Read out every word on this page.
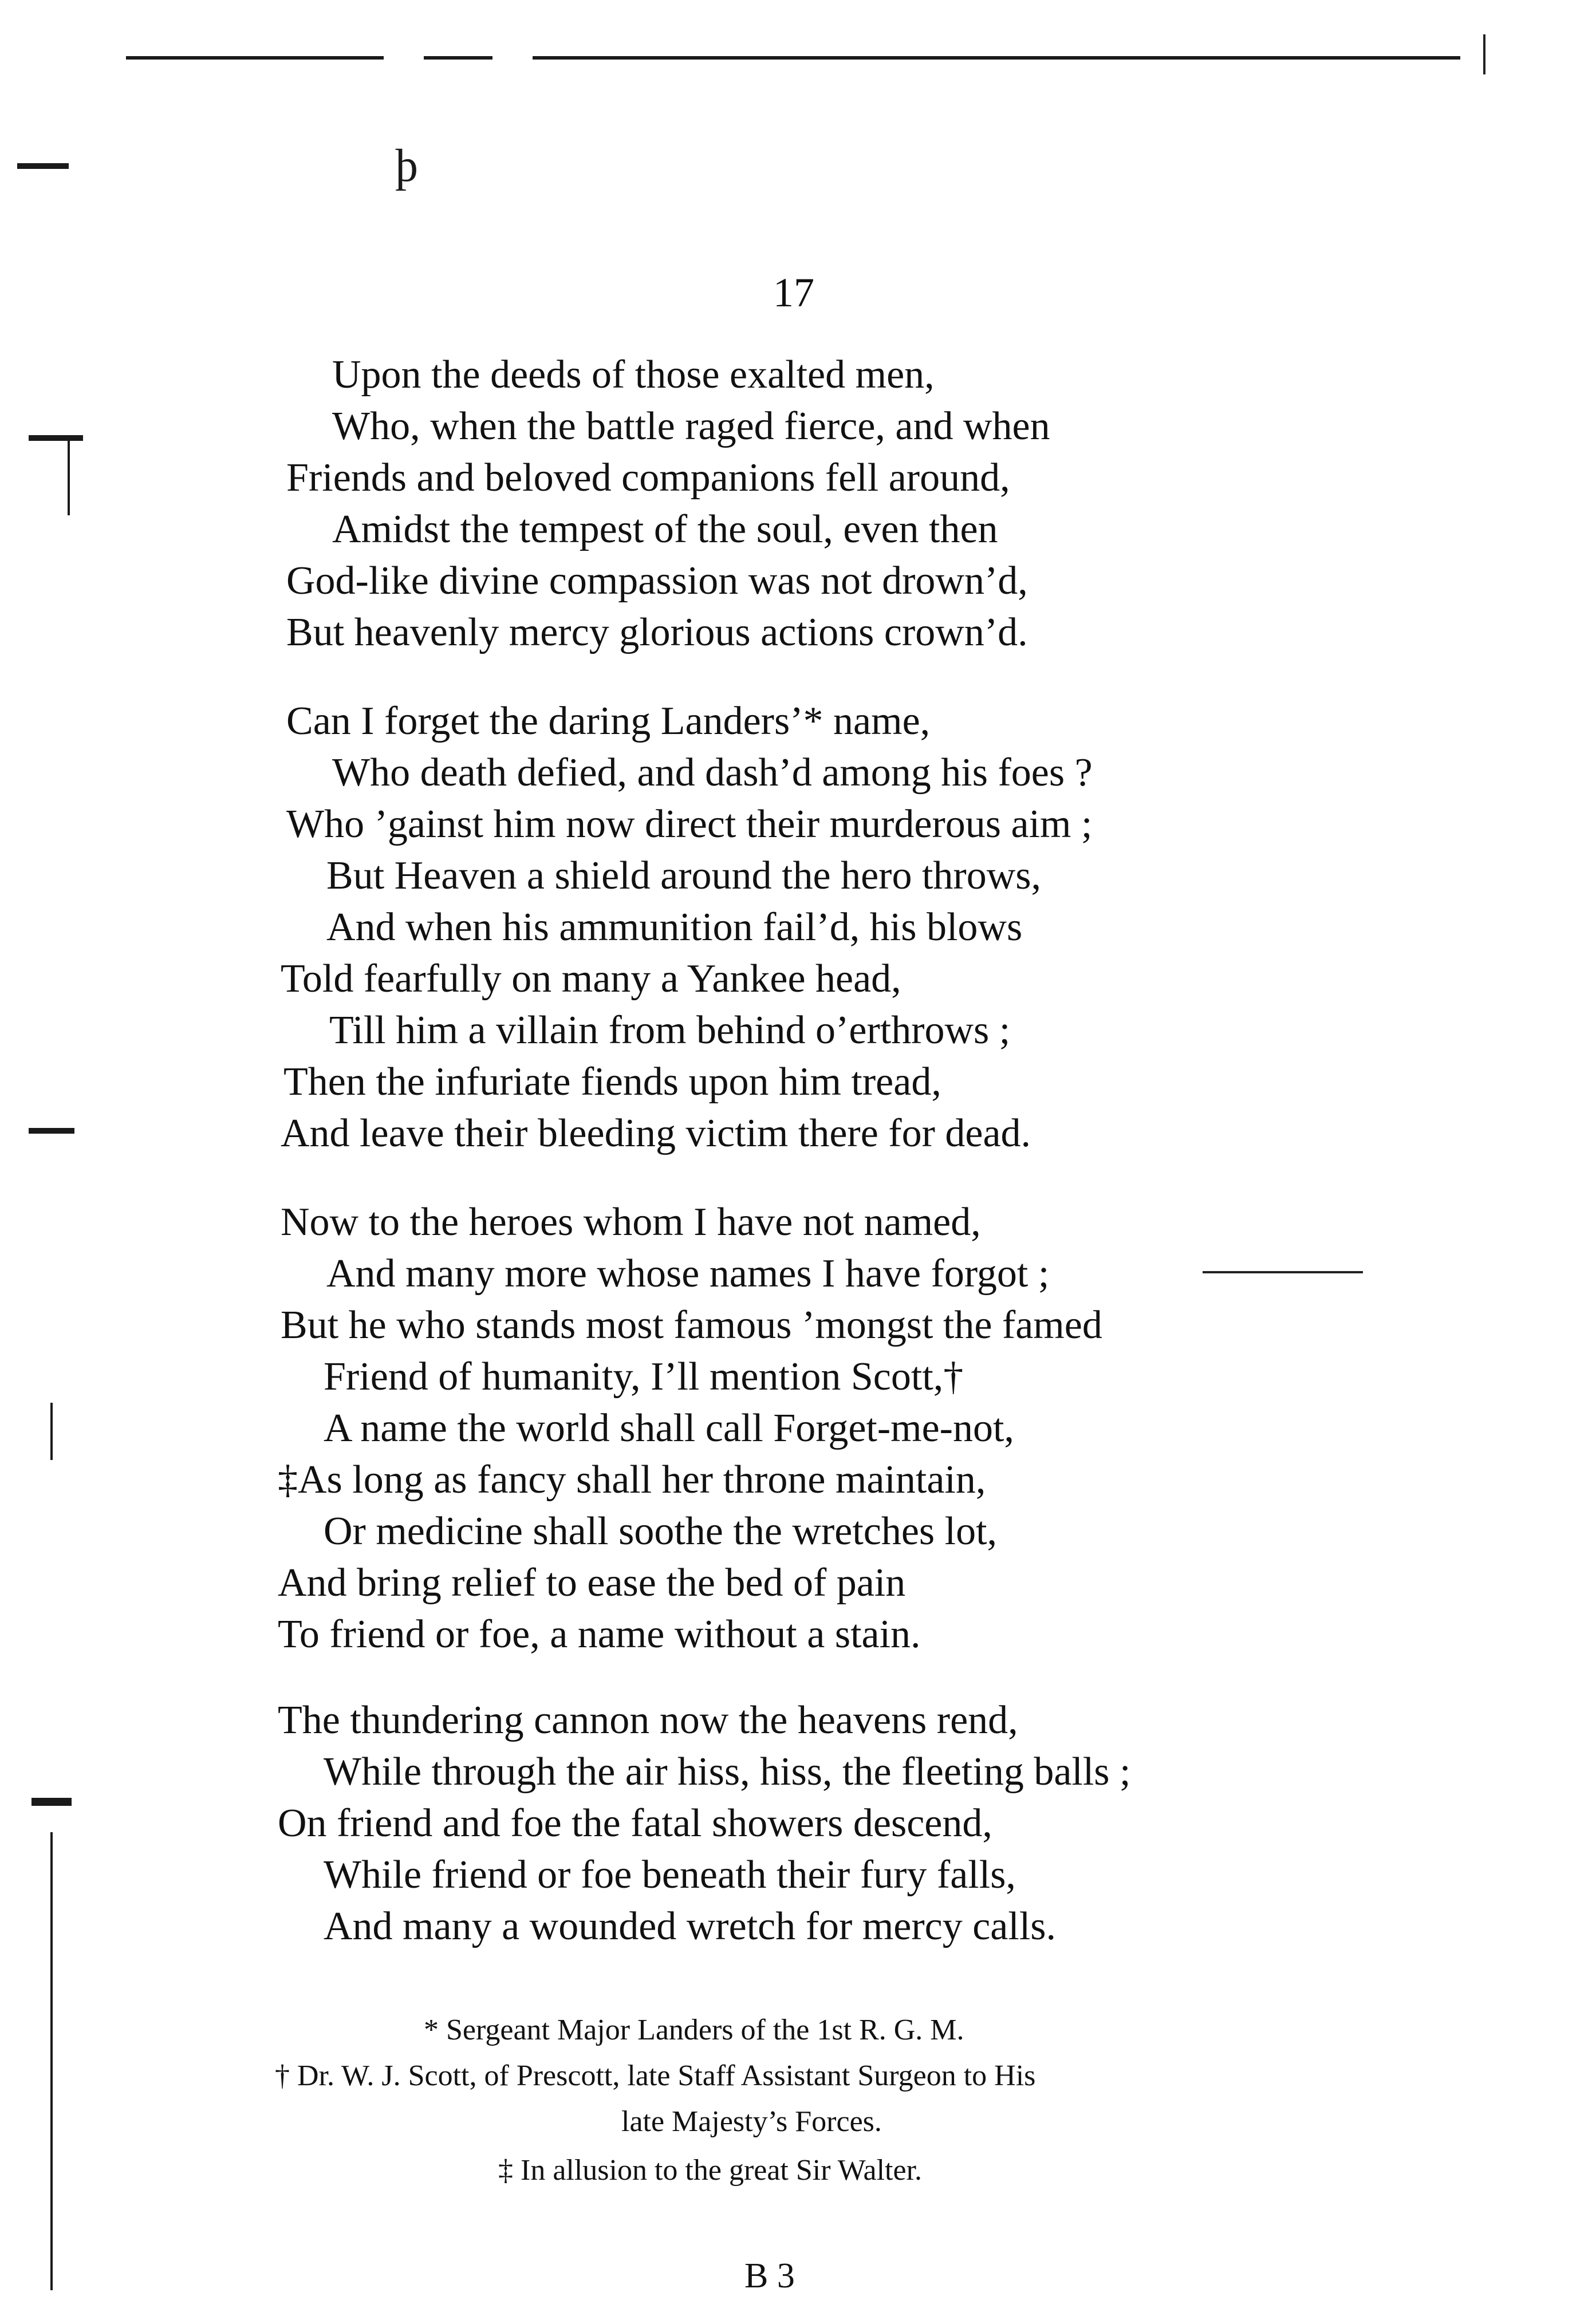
ϸ
17
Upon the deeds of those exalted men,
Who, when the battle raged fierce, and when
Friends and beloved companions fell around,
Amidst the tempest of the soul, even then
God-like divine compassion was not drown’d,
But heavenly mercy glorious actions crown’d.
Can I forget the daring Landers’* name,
Who death defied, and dash’d among his foes ?
Who ’gainst him now direct their murderous aim ;
But Heaven a shield around the hero throws,
And when his ammunition fail’d, his blows
Told fearfully on many a Yankee head,
Till him a villain from behind o’erthrows ;
Then the infuriate fiends upon him tread,
And leave their bleeding victim there for dead.
Now to the heroes whom I have not named,
And many more whose names I have forgot ;
But he who stands most famous ’mongst the famed
Friend of humanity, I’ll mention Scott,†
A name the world shall call Forget-me-not,
‡As long as fancy shall her throne maintain,
Or medicine shall soothe the wretches lot,
And bring relief to ease the bed of pain
To friend or foe, a name without a stain.
The thundering cannon now the heavens rend,
While through the air hiss, hiss, the fleeting balls ;
On friend and foe the fatal showers descend,
While friend or foe beneath their fury falls,
And many a wounded wretch for mercy calls.
* Sergeant Major Landers of the 1st R. G. M.
† Dr. W. J. Scott, of Prescott, late Staff Assistant Surgeon to His
late Majesty’s Forces.
‡ In allusion to the great Sir Walter.
B 3
